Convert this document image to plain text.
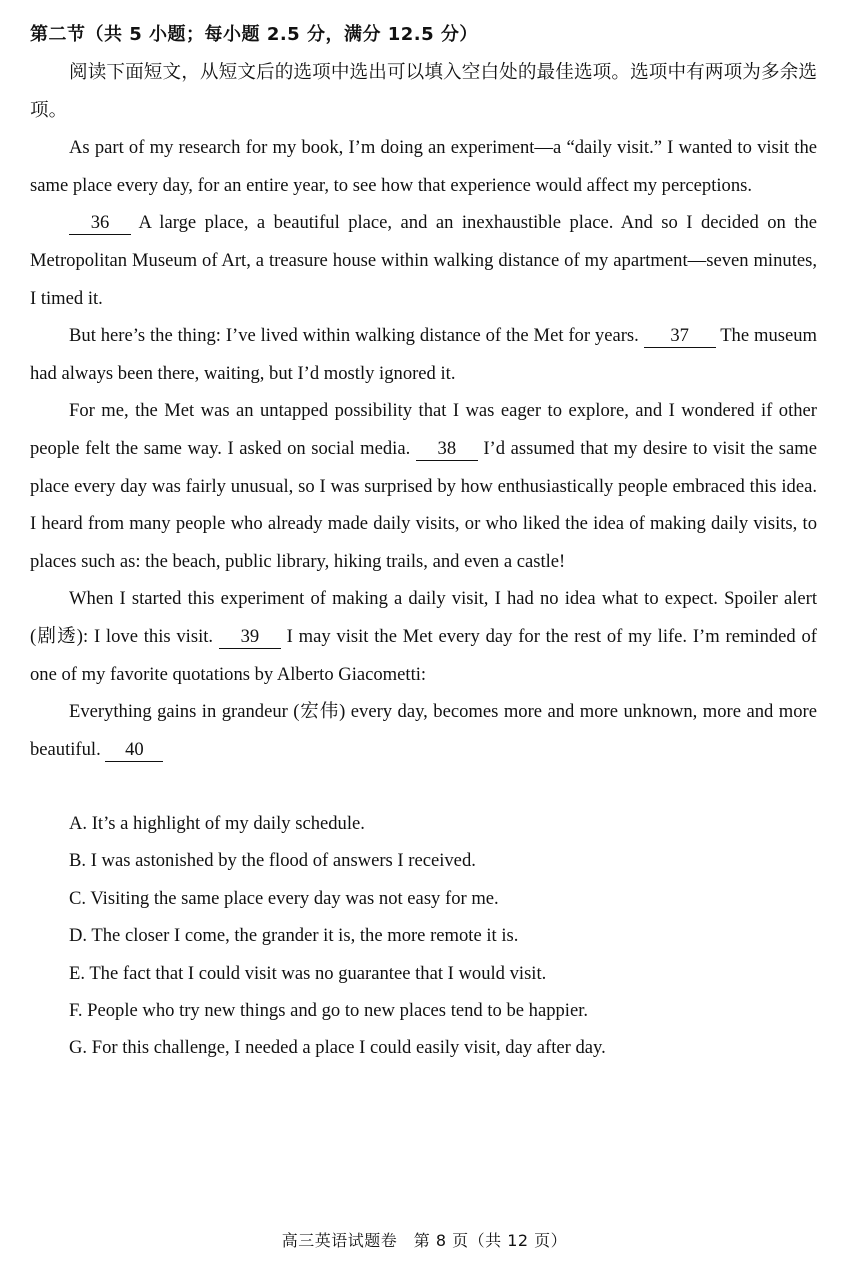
第二节（共 5 小题；每小题 2.5 分，满分 12.5 分）

阅读下面短文，从短文后的选项中选出可以填入空白处的最佳选项。选项中有两项为多余选项。

As part of my research for my book, I’m doing an experiment—a “daily visit.” I wanted to visit the same place every day, for an entire year, to see how that experience would affect my perceptions.

36 A large place, a beautiful place, and an inexhaustible place. And so I decided on the Metropolitan Museum of Art, a treasure house within walking distance of my apartment—seven minutes, I timed it.

But here’s the thing: I’ve lived within walking distance of the Met for years. 37 The museum had always been there, waiting, but I’d mostly ignored it.

For me, the Met was an untapped possibility that I was eager to explore, and I wondered if other people felt the same way. I asked on social media. 38 I’d assumed that my desire to visit the same place every day was fairly unusual, so I was surprised by how enthusiastically people embraced this idea. I heard from many people who already made daily visits, or who liked the idea of making daily visits, to places such as: the beach, public library, hiking trails, and even a castle!

When I started this experiment of making a daily visit, I had no idea what to expect. Spoiler alert (剧透): I love this visit. 39 I may visit the Met every day for the rest of my life. I’m reminded of one of my favorite quotations by Alberto Giacometti:

Everything gains in grandeur (宏伟) every day, becomes more and more unknown, more and more beautiful. 40

A. It’s a highlight of my daily schedule.
B. I was astonished by the flood of answers I received.
C. Visiting the same place every day was not easy for me.
D. The closer I come, the grander it is, the more remote it is.
E. The fact that I could visit was no guarantee that I would visit.
F. People who try new things and go to new places tend to be happier.
G. For this challenge, I needed a place I could easily visit, day after day.
高三英语试题卷　第 8 页（共 12 页）
